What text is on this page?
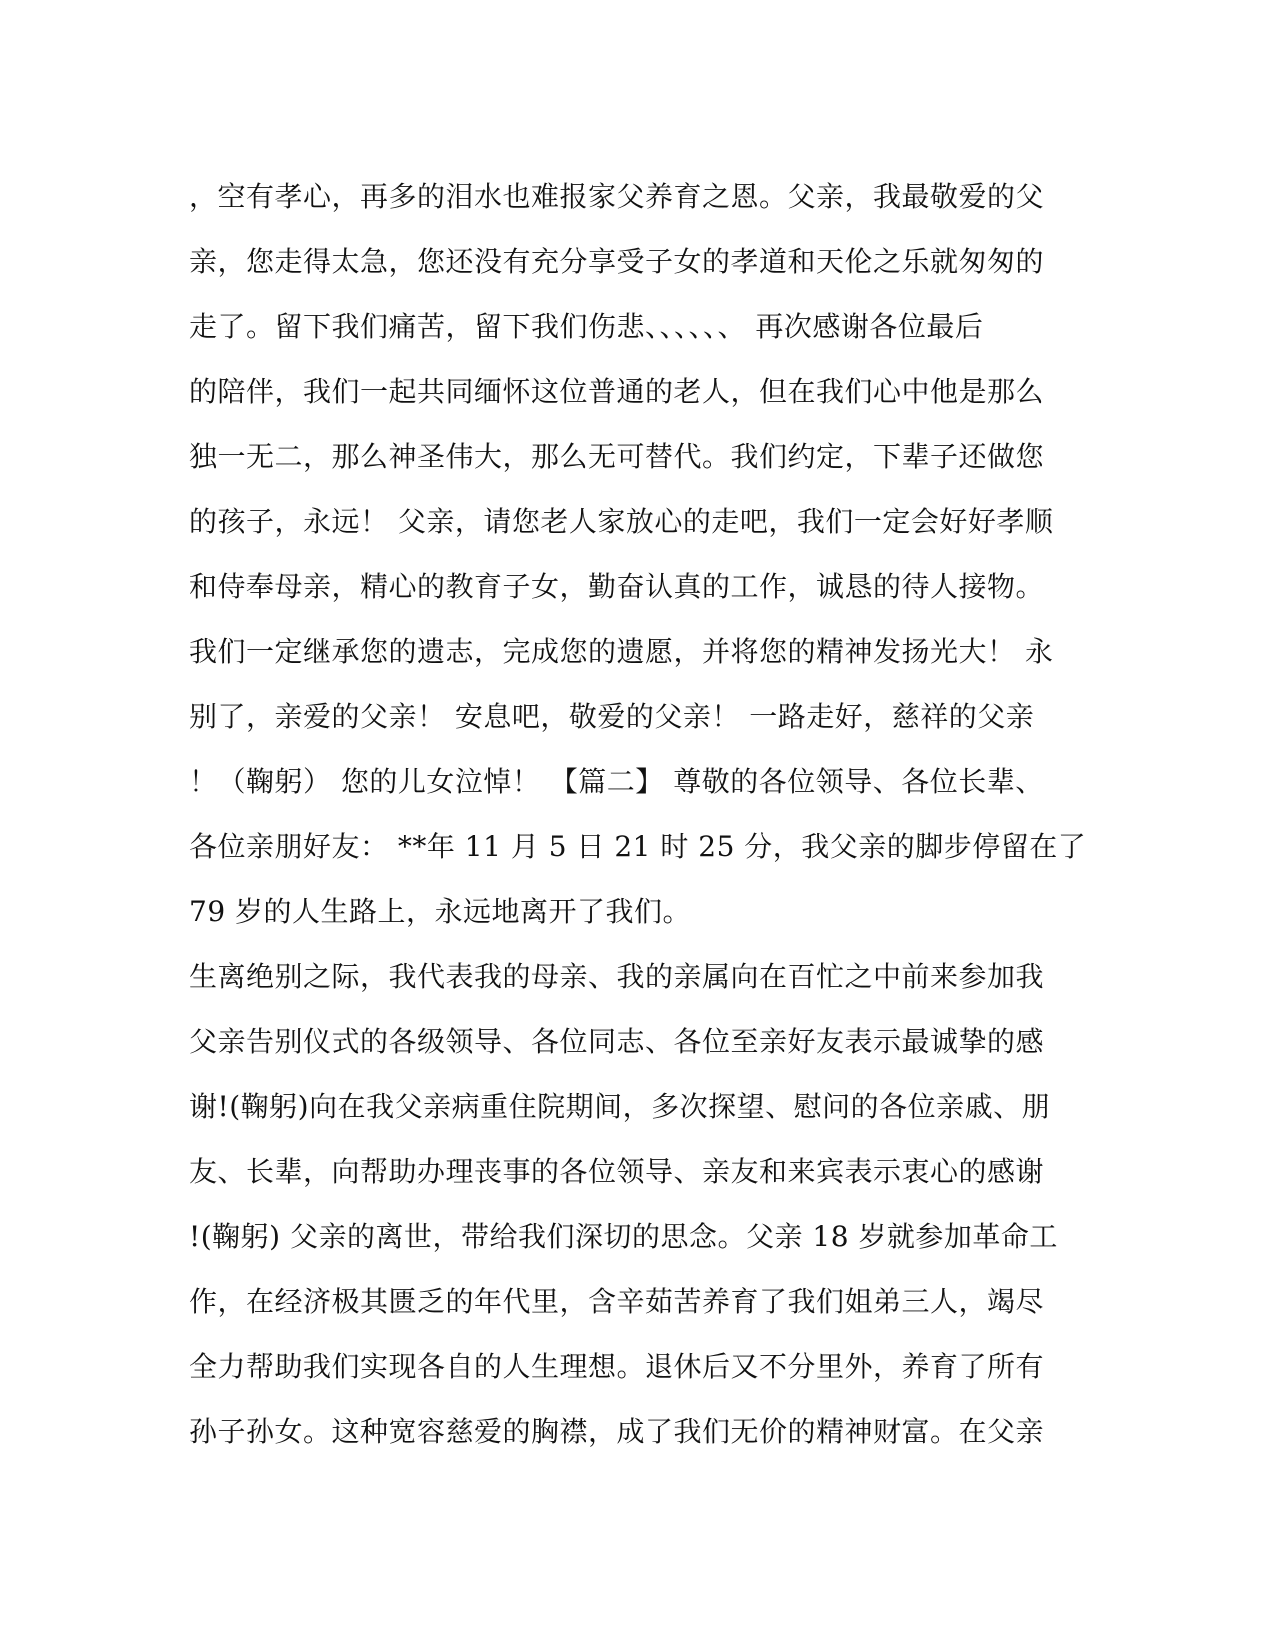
，空有孝心，再多的泪水也难报家父养育之恩。父亲，我最敬爱的父
亲，您走得太急，您还没有充分享受子女的孝道和天伦之乐就匆匆的
走了。留下我们痛苦，留下我们伤悲、、、、、、 再次感谢各位最后
的陪伴，我们一起共同缅怀这位普通的老人，但在我们心中他是那么
独一无二，那么神圣伟大，那么无可替代。我们约定，下辈子还做您
的孩子，永远！ 父亲，请您老人家放心的走吧，我们一定会好好孝顺
和侍奉母亲，精心的教育子女，勤奋认真的工作，诚恳的待人接物。
我们一定继承您的遗志，完成您的遗愿，并将您的精神发扬光大！ 永
别了，亲爱的父亲！ 安息吧，敬爱的父亲！ 一路走好，慈祥的父亲
！（鞠躬） 您的儿女泣悼！ 【篇二】 尊敬的各位领导、各位长辈、
各位亲朋好友： **年 11 月 5 日 21 时 25 分，我父亲的脚步停留在了
79 岁的人生路上，永远地离开了我们。
生离绝别之际，我代表我的母亲、我的亲属向在百忙之中前来参加我
父亲告别仪式的各级领导、各位同志、各位至亲好友表示最诚挚的感
谢!(鞠躬)向在我父亲病重住院期间，多次探望、慰问的各位亲戚、朋
友、长辈，向帮助办理丧事的各位领导、亲友和来宾表示衷心的感谢
!(鞠躬) 父亲的离世，带给我们深切的思念。父亲 18 岁就参加革命工
作，在经济极其匮乏的年代里，含辛茹苦养育了我们姐弟三人，竭尽
全力帮助我们实现各自的人生理想。退休后又不分里外，养育了所有
孙子孙女。这种宽容慈爱的胸襟，成了我们无价的精神财富。在父亲
